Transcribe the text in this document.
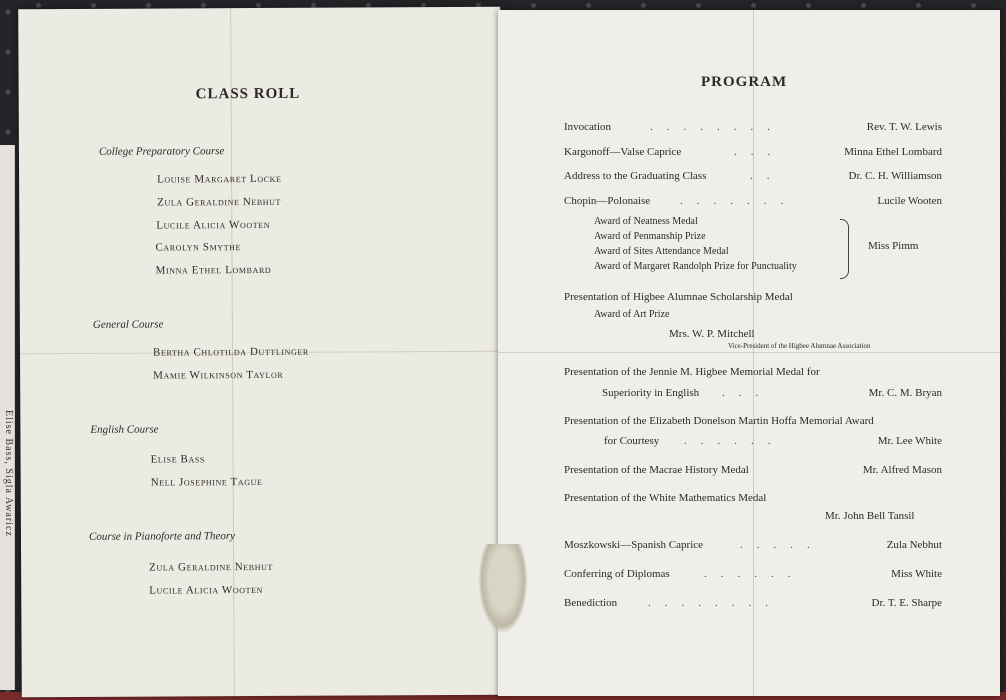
CLASS ROLL
College Preparatory Course
Louise Margaret Locke
Zula Geraldine Nebhut
Lucile Alicia Wooten
Carolyn Smythe
Minna Ethel Lombard
General Course
Bertha Chlotilda Duttlinger
Mamie Wilkinson Taylor
English Course
Elise Bass
Nell Josephine Tague
Course in Pianoforte and Theory
Zula Geraldine Nebhut
Lucile Alicia Wooten
Elise Bass, Sigla Awaricz
PROGRAM
Invocation	........	Rev. T. W. Lewis
Kargonoff—Valse Caprice	...	Minna Ethel Lombard
Address to the Graduating Class	..	Dr. C. H. Williamson
Chopin—Polonaise	.......	Lucile Wooten
Award of Neatness Medal
Award of Penmanship Prize
Award of Sites Attendance Medal
Award of Margaret Randolph Prize for Punctuality
Miss Pimm
Presentation of Higbee Alumnae Scholarship Medal
Award of Art Prize
Mrs. W. P. Mitchell
Vice-President of the Higbee Alumnae Association
Presentation of the Jennie M. Higbee Memorial Medal for
Superiority in English ...	Mr. C. M. Bryan
Presentation of the Elizabeth Donelson Martin Hoffa Memorial Award
for Courtesy ......	Mr. Lee White
Presentation of the Macrae History Medal	Mr. Alfred Mason
Presentation of the White Mathematics Medal
Mr. John Bell Tansil
Moszkowski—Spanish Caprice	.....	Zula Nebhut
Conferring of Diplomas	......	Miss White
Benediction	........	Dr. T. E. Sharpe
